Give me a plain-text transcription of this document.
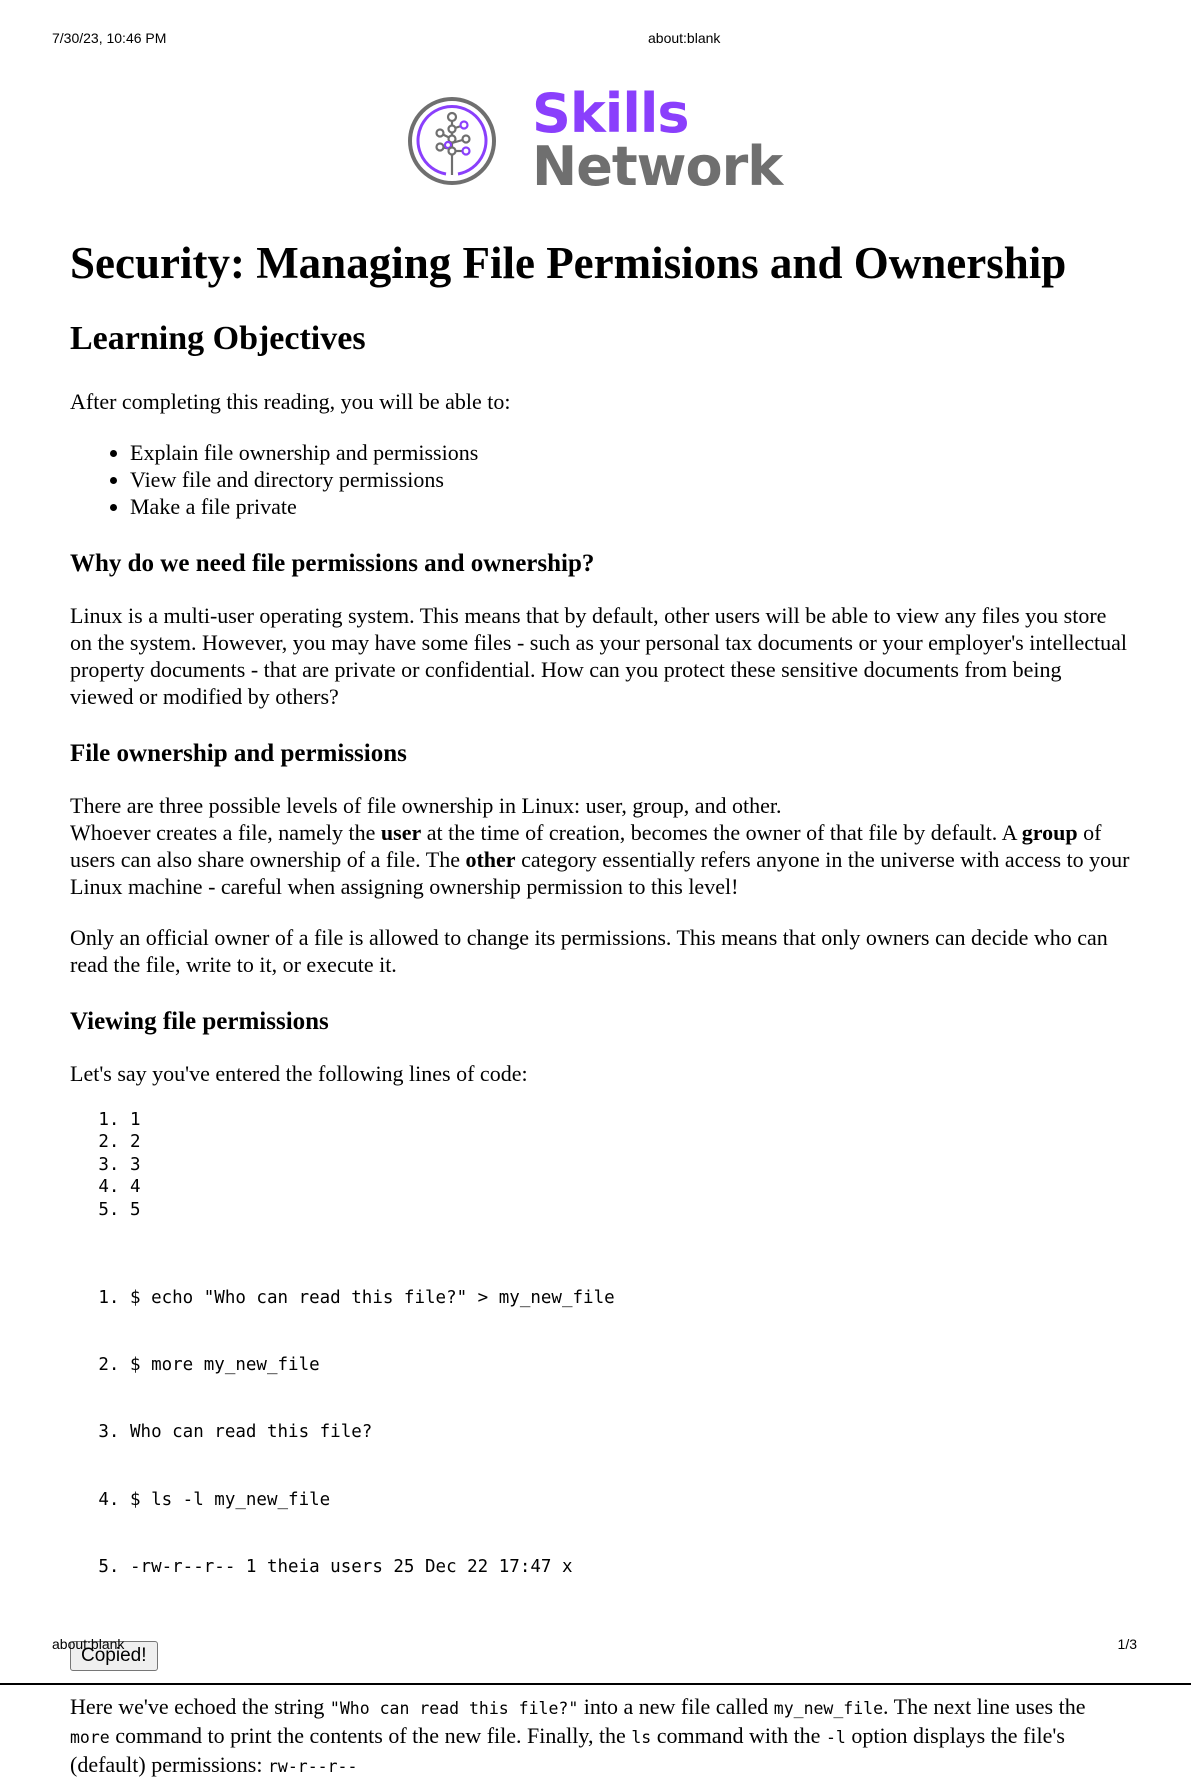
7/30/23, 10:46 PM	about:blank
Skills
Network
Security: Managing File Permisions and Ownership
Learning Objectives

After completing this reading, you will be able to:

• Explain file ownership and permissions
• View file and directory permissions
• Make a file private
Why do we need file permissions and ownership?

Linux is a multi-user operating system. This means that by default, other users will be able to view any files you store on the system. However, you may have some files - such as your personal tax documents or your employer's intellectual property documents - that are private or confidential. How can you protect these sensitive documents from being viewed or modified by others?

File ownership and permissions

There are three possible levels of file ownership in Linux: user, group, and other.
Whoever creates a file, namely the user at the time of creation, becomes the owner of that file by default. A group of users can also share ownership of a file. The other category essentially refers anyone in the universe with access to your Linux machine - careful when assigning ownership permission to this level!

Only an official owner of a file is allowed to change its permissions. This means that only owners can decide who can read the file, write to it, or execute it.

Viewing file permissions

Let's say you've entered the following lines of code:

1. 1
2. 2
3. 3
4. 4
5. 5

1. $ echo "Who can read this file?" > my_new_file

2. $ more my_new_file

3. Who can read this file?

4. $ ls -l my_new_file

5. -rw-r--r-- 1 theia users 25 Dec 22 17:47 x

Copied!

Here we've echoed the string "Who can read this file?" into a new file called my_new_file. The next line uses the more command to print the contents of the new file. Finally, the ls command with the -l option displays the file's (default) permissions: rw-r--r--

about:blank	1/3
